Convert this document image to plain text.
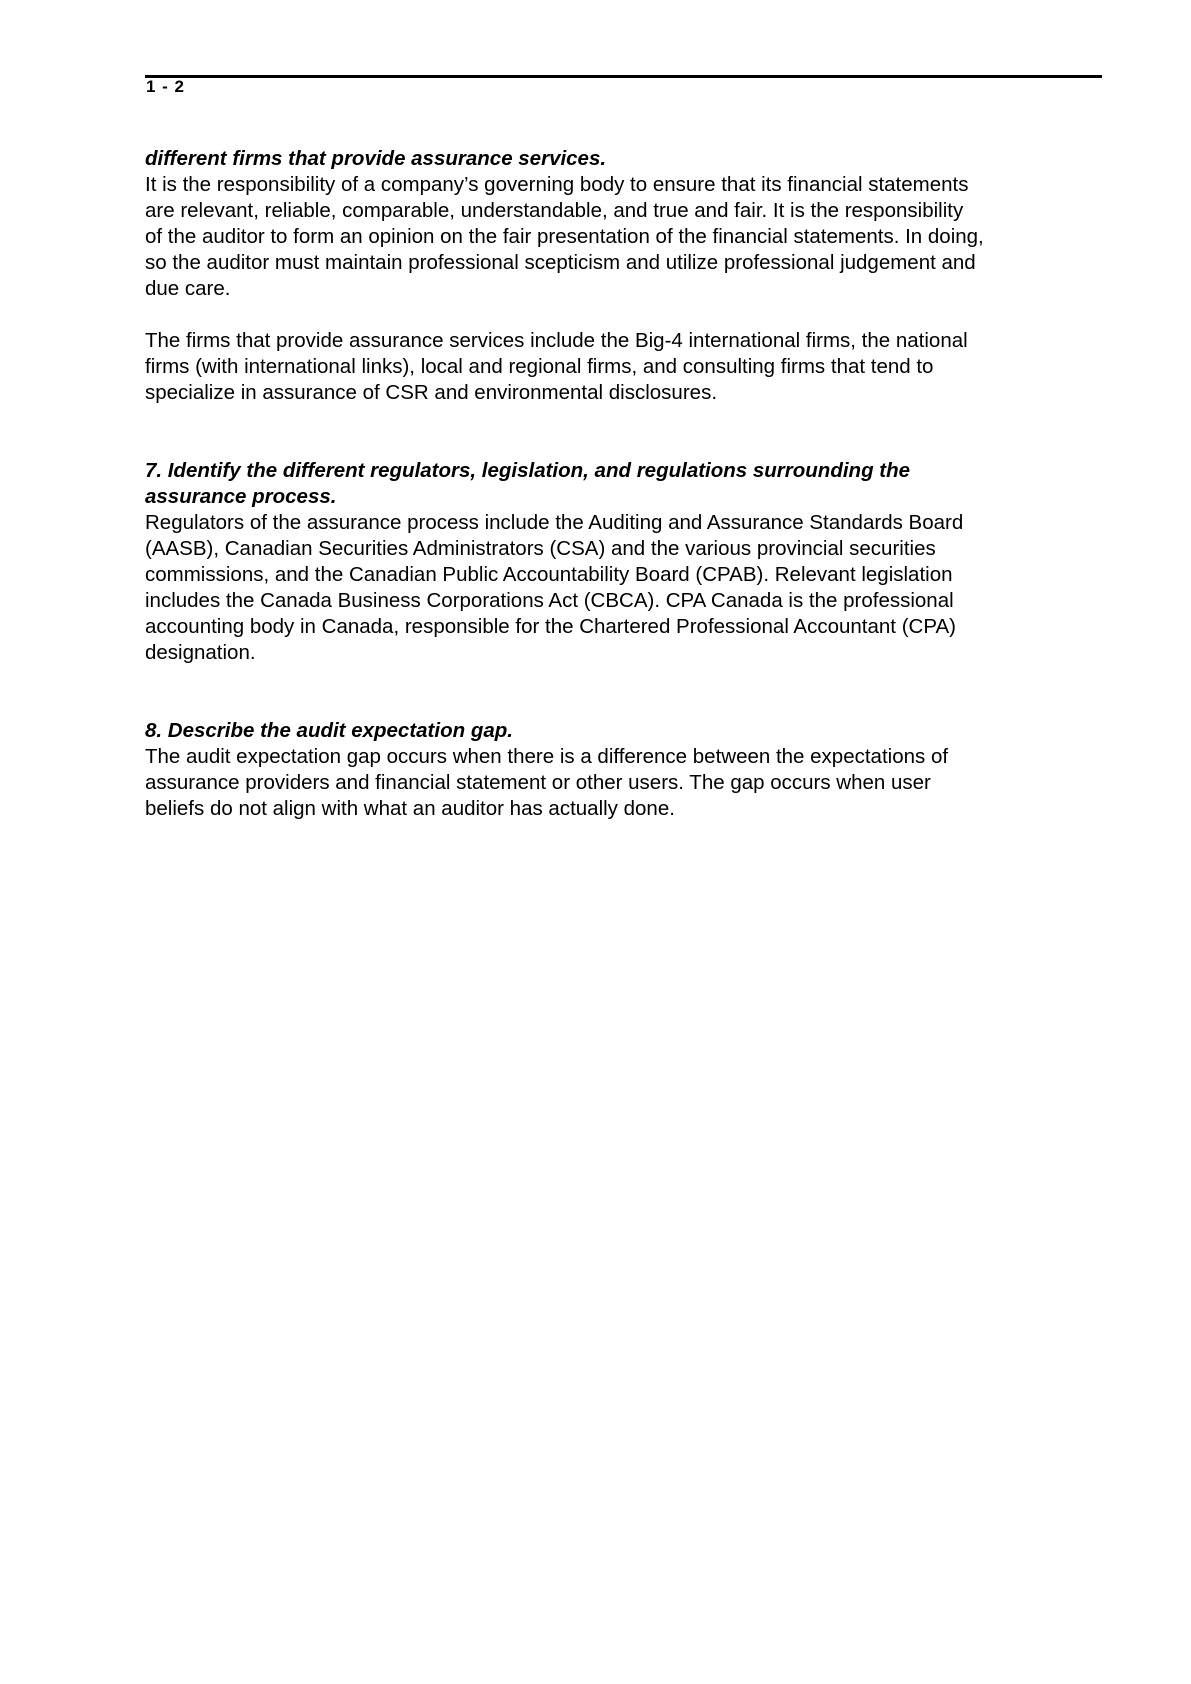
1 - 2

different firms that provide assurance services.

It is the responsibility of a company’s governing body to ensure that its financial statements
are relevant, reliable, comparable, understandable, and true and fair. It is the responsibility
of the auditor to form an opinion on the fair presentation of the financial statements. In doing,
so the auditor must maintain professional scepticism and utilize professional judgement and
due care.

The firms that provide assurance services include the Big-4 international firms, the national
firms (with international links), local and regional firms, and consulting firms that tend to
specialize in assurance of CSR and environmental disclosures.

7. Identify the different regulators, legislation, and regulations surrounding the
assurance process.

Regulators of the assurance process include the Auditing and Assurance Standards Board
(AASB), Canadian Securities Administrators (CSA) and the various provincial securities
commissions, and the Canadian Public Accountability Board (CPAB). Relevant legislation
includes the Canada Business Corporations Act (CBCA). CPA Canada is the professional
accounting body in Canada, responsible for the Chartered Professional Accountant (CPA)
designation.

8. Describe the audit expectation gap.

The audit expectation gap occurs when there is a difference between the expectations of
assurance providers and financial statement or other users. The gap occurs when user
beliefs do not align with what an auditor has actually done.
